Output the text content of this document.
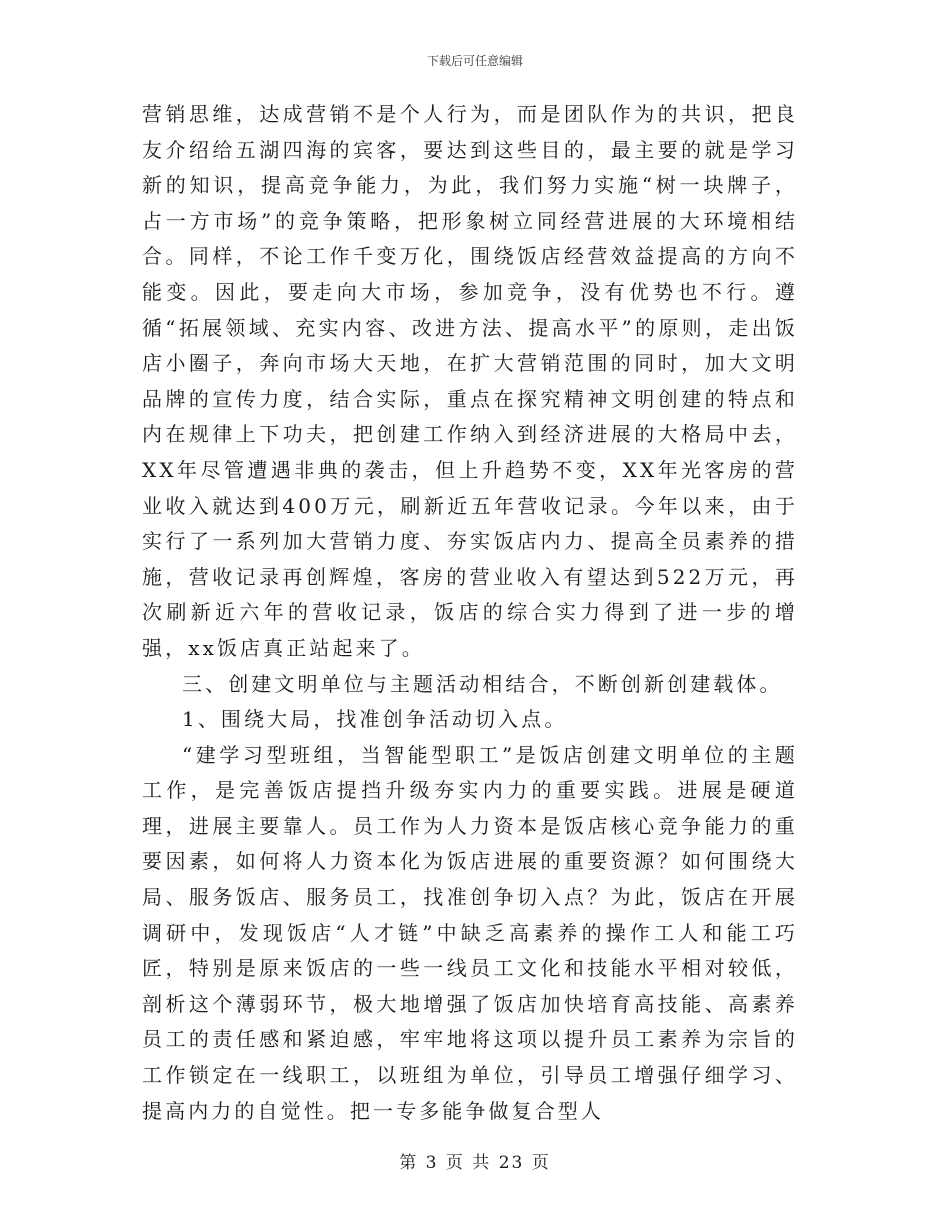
下载后可任意编辑

营销思维，达成营销不是个人行为，而是团队作为的共识，把良友介绍给五湖四海的宾客，要达到这些目的，最主要的就是学习新的知识，提高竞争能力，为此，我们努力实施“树一块牌子，占一方市场”的竞争策略，把形象树立同经营进展的大环境相结合。同样，不论工作千变万化，围绕饭店经营效益提高的方向不能变。因此，要走向大市场，参加竞争，没有优势也不行。遵循“拓展领域、充实内容、改进方法、提高水平”的原则，走出饭店小圈子，奔向市场大天地，在扩大营销范围的同时，加大文明品牌的宣传力度，结合实际，重点在探究精神文明创建的特点和内在规律上下功夫，把创建工作纳入到经济进展的大格局中去，XX年尽管遭遇非典的袭击，但上升趋势不变，XX年光客房的营业收入就达到400万元，刷新近五年营收记录。今年以来，由于实行了一系列加大营销力度、夯实饭店内力、提高全员素养的措施，营收记录再创辉煌，客房的营业收入有望达到522万元，再次刷新近六年的营收记录，饭店的综合实力得到了进一步的增强，xx饭店真正站起来了。

三、创建文明单位与主题活动相结合，不断创新创建载体。

1、围绕大局，找准创争活动切入点。

“建学习型班组，当智能型职工”是饭店创建文明单位的主题工作，是完善饭店提挡升级夯实内力的重要实践。进展是硬道理，进展主要靠人。员工作为人力资本是饭店核心竞争能力的重要因素，如何将人力资本化为饭店进展的重要资源？如何围绕大局、服务饭店、服务员工，找准创争切入点？为此，饭店在开展调研中，发现饭店“人才链”中缺乏高素养的操作工人和能工巧匠，特别是原来饭店的一些一线员工文化和技能水平相对较低，剖析这个薄弱环节，极大地增强了饭店加快培育高技能、高素养员工的责任感和紧迫感，牢牢地将这项以提升员工素养为宗旨的工作锁定在一线职工，以班组为单位，引导员工增强仔细学习、提高内力的自觉性。把一专多能争做复合型人

第 3 页 共 23 页
